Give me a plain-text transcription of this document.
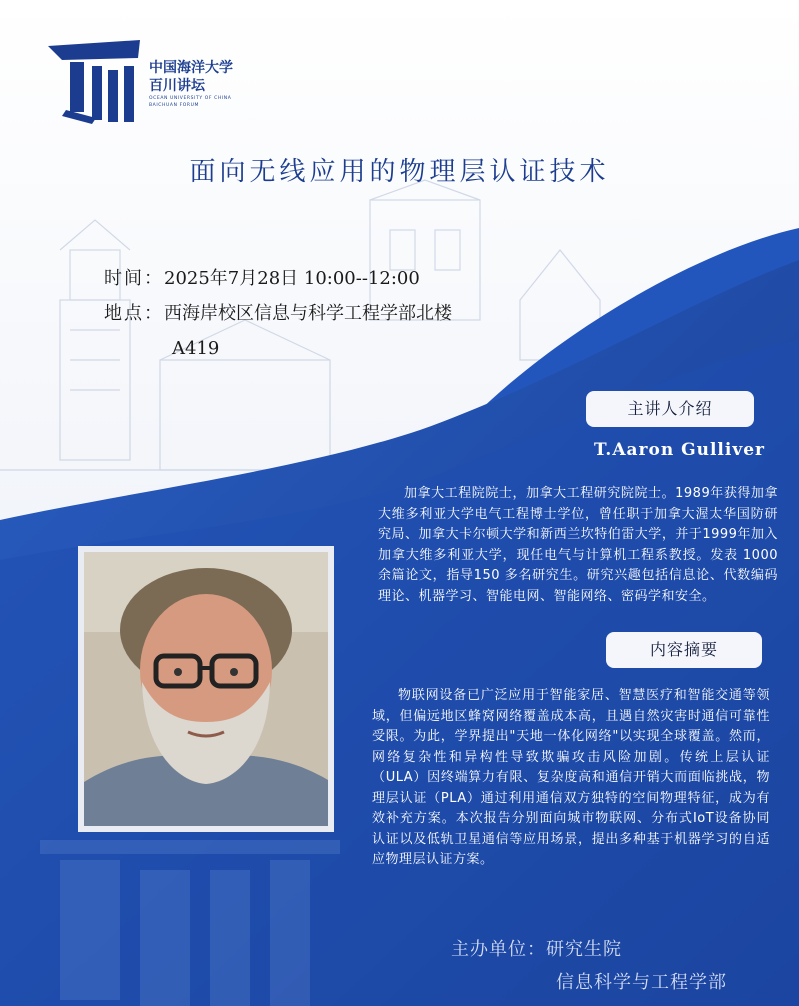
中国海洋大学
百川讲坛
OCEAN UNIVERSITY OF CHINA
BAICHUAN FORUM
面向无线应用的物理层认证技术
时间：2025年7月28日 10:00--12:00
地点：西海岸校区信息与科学工程学部北楼
A419
主讲人介绍
T.Aaron Gulliver
加拿大工程院院士，加拿大工程研究院院士。1989年获得加拿大维多利亚大学电气工程博士学位，曾任职于加拿大渥太华国防研究局、加拿大卡尔顿大学和新西兰坎特伯雷大学，并于1999年加入加拿大维多利亚大学，现任电气与计算机工程系教授。发表 1000余篇论文，指导150 多名研究生。研究兴趣包括信息论、代数编码理论、机器学习、智能电网、智能网络、密码学和安全。
内容摘要
物联网设备已广泛应用于智能家居、智慧医疗和智能交通等领域，但偏远地区蜂窝网络覆盖成本高，且遇自然灾害时通信可靠性受限。为此，学界提出"天地一体化网络"以实现全球覆盖。然而，网络复杂性和异构性导致欺骗攻击风险加剧。传统上层认证（ULA）因终端算力有限、复杂度高和通信开销大而面临挑战，物理层认证（PLA）通过利用通信双方独特的空间物理特征，成为有效补充方案。本次报告分别面向城市物联网、分布式IoT设备协同认证以及低轨卫星通信等应用场景，提出多种基于机器学习的自适应物理层认证方案。
主办单位：研究生院
信息科学与工程学部
